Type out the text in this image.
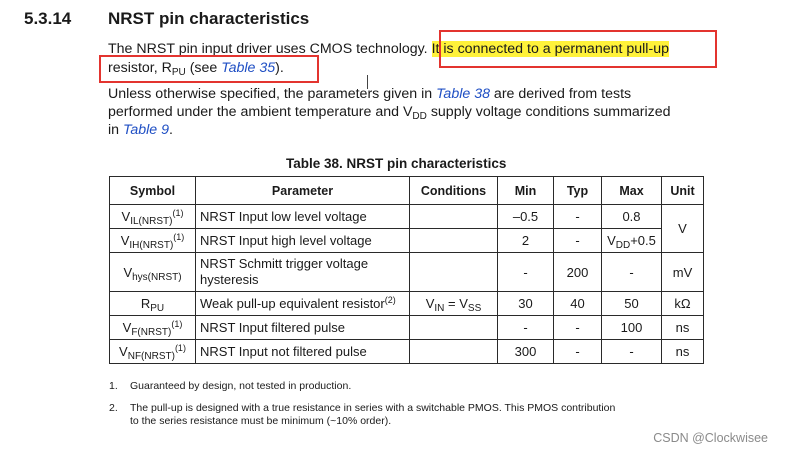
5.3.14 NRST pin characteristics
The NRST pin input driver uses CMOS technology. It is connected to a permanent pull-up
resistor, $R_{PU}$ (see Table 35).
Unless otherwise specified, the parameters given in Table 38 are derived from tests
performed under the ambient temperature and $V_{DD}$ supply voltage conditions summarized
in Table 9.
Table 38. NRST pin characteristics
Symbol	Parameter	Conditions	Min	Typ	Max	Unit
$V_{IL(NRST)}^{(1)}$	NRST Input low level voltage		–0.5	-	0.8	V
$V_{IH(NRST)}^{(1)}$	NRST Input high level voltage		2	-	$V_{DD}+0.5$	
$V_{hys(NRST)}$	NRST Schmitt trigger voltage
hysteresis		-	200	-	mV
$R_{PU}$	Weak pull-up equivalent resistor$^{(2)}$	$V_{IN} = V_{SS}$	30	40	50	kΩ
$V_{F(NRST)}^{(1)}$	NRST Input filtered pulse		-	-	100	ns
$V_{NF(NRST)}^{(1)}$	NRST Input not filtered pulse		300	-	-	ns
1. Guaranteed by design, not tested in production.
2. The pull-up is designed with a true resistance in series with a switchable PMOS. This PMOS contribution
to the series resistance must be minimum (~10% order).
CSDN @Clockwisee
